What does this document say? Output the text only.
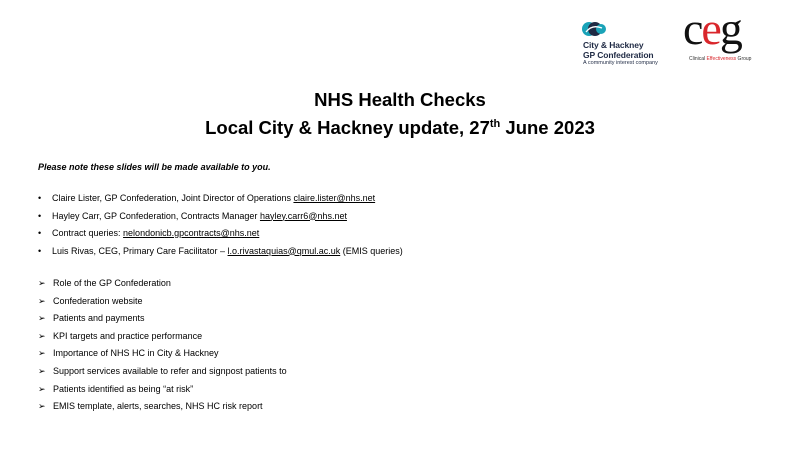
City & Hackney
GP Confederation
A community interest company
ceg
Clinical Effectiveness Group
NHS Health Checks
Local City & Hackney update, 27th June 2023
Please note these slides will be made available to you.
• Claire Lister, GP Confederation, Joint Director of Operations claire.lister@nhs.net
• Hayley Carr, GP Confederation, Contracts Manager hayley.carr6@nhs.net
• Contract queries: nelondonicb.gpcontracts@nhs.net
• Luis Rivas, CEG, Primary Care Facilitator – l.o.rivastaquias@qmul.ac.uk (EMIS queries)
➢ Role of the GP Confederation
➢ Confederation website
➢ Patients and payments
➢ KPI targets and practice performance
➢ Importance of NHS HC in City & Hackney
➢ Support services available to refer and signpost patients to
➢ Patients identified as being “at risk”
➢ EMIS template, alerts, searches, NHS HC risk report
